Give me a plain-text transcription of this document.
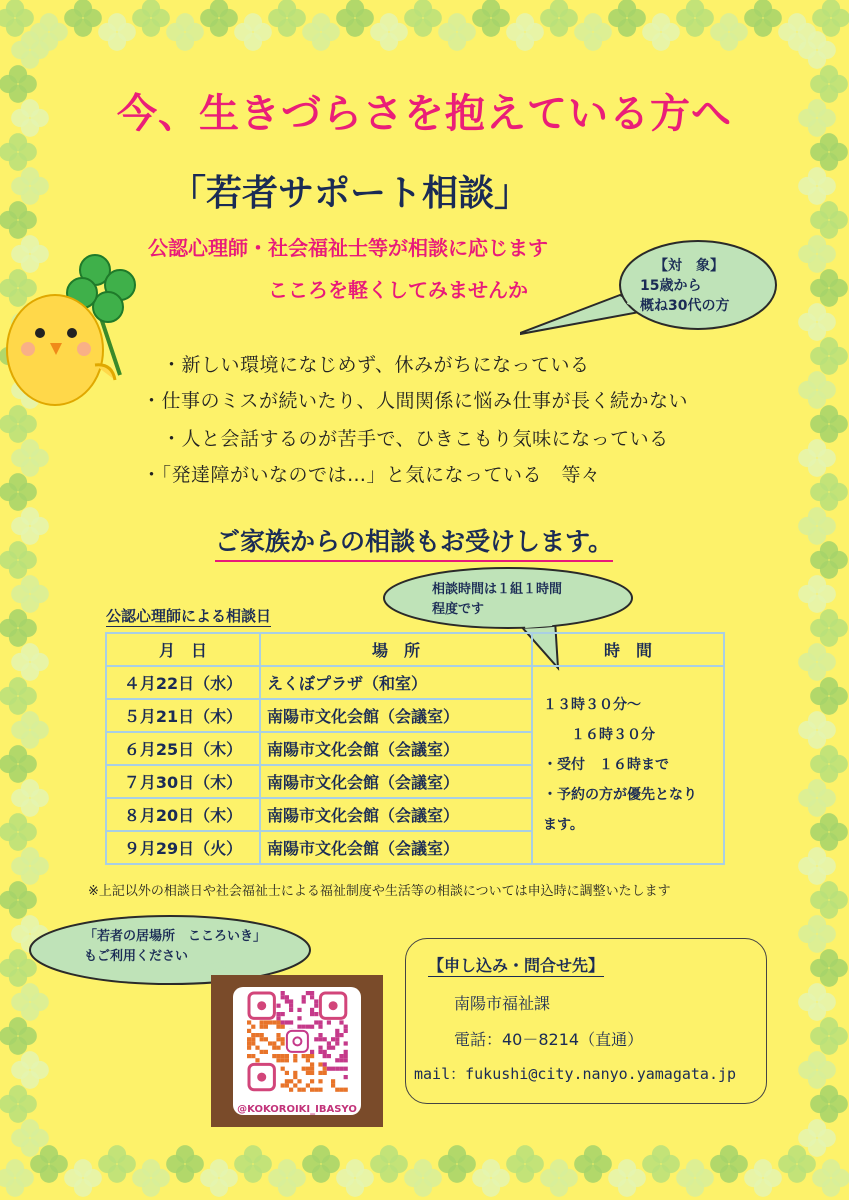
今、生きづらさを抱えている方へ
「若者サポート相談」
公認心理師・社会福祉士等が相談に応じます
こころを軽くしてみませんか
【対　象】
15歳から
概ね30代の方
・新しい環境になじめず、休みがちになっている
・仕事のミスが続いたり、人間関係に悩み仕事が長く続かない
・人と会話するのが苦手で、ひきこもり気味になっている
・「発達障がいなのでは…」と気になっている　等々
ご家族からの相談もお受けします。
相談時間は１組１時間
程度です
公認心理師による相談日
月　日	場　所	時　間
４月22日（水）	えくぼプラザ（和室）	１３時３０分～
　　１６時３０分
・受付　１６時まで
・予約の方が優先となり
ます。

５月21日（木）	南陽市文化会館（会議室）	
６月25日（木）	南陽市文化会館（会議室）	
７月30日（木）	南陽市文化会館（会議室）	
８月20日（木）	南陽市文化会館（会議室）	
９月29日（火）	南陽市文化会館（会議室）	
※上記以外の相談日や社会福祉士による福祉制度や生活等の相談については申込時に調整いたします
「若者の居場所　こころいき」
もご利用ください
@KOKOROIKI_IBASYO
【申し込み・問合せ先】
南陽市福祉課
電話：40－8214（直通）
mail：fukushi@city.nanyo.yamagata.jp
